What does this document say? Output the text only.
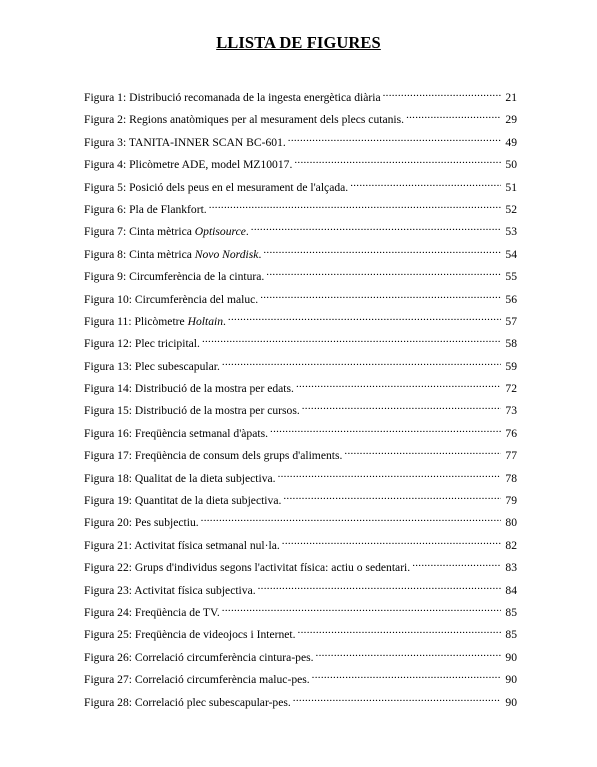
LLISTA DE FIGURES
Figura 1: Distribució recomanada de la ingesta energètica diària .....	21
Figura 2: Regions anatòmiques per al mesurament dels plecs cutanis. .....	29
Figura 3: TANITA-INNER SCAN BC-601. .....	49
Figura 4: Plicòmetre ADE, model MZ10017. .....	50
Figura 5: Posició dels peus en el mesurament de l'alçada. .....	51
Figura 6: Pla de Flankfort. .....	52
Figura 7: Cinta mètrica Optisource. .....	53
Figura 8: Cinta mètrica Novo Nordisk. .....	54
Figura 9: Circumferència de la cintura. .....	55
Figura 10: Circumferència del maluc. .....	56
Figura 11: Plicòmetre Holtain. .....	57
Figura 12: Plec tricipital. .....	58
Figura 13: Plec subescapular. .....	59
Figura 14: Distribució de la mostra per edats. .....	72
Figura 15: Distribució de la mostra per cursos. .....	73
Figura 16: Freqüència setmanal d'àpats. .....	76
Figura 17: Freqüència de consum dels grups d'aliments. .....	77
Figura 18: Qualitat de la dieta subjectiva. .....	78
Figura 19: Quantitat de la dieta subjectiva. .....	79
Figura 20: Pes subjectiu. .....	80
Figura 21: Activitat física setmanal nul·la. .....	82
Figura 22: Grups d'individus segons l'activitat física: actiu o sedentari. .....	83
Figura 23: Activitat física subjectiva. .....	84
Figura 24: Freqüència de TV. .....	85
Figura 25: Freqüència de videojocs i Internet. .....	85
Figura 26: Correlació circumferència cintura-pes. .....	90
Figura 27: Correlació circumferència maluc-pes. .....	90
Figura 28: Correlació plec subescapular-pes. .....	90
